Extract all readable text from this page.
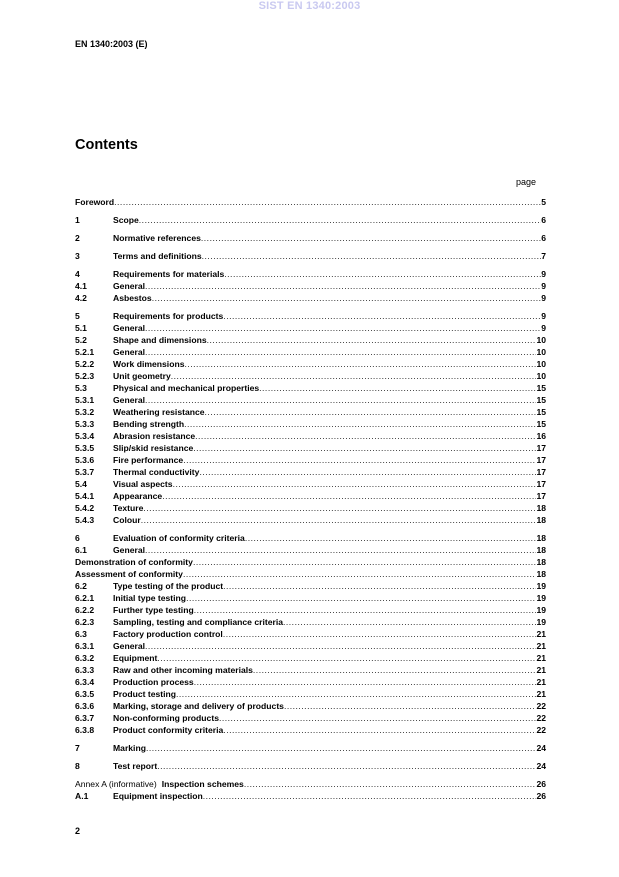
SIST EN 1340:2003
EN 1340:2003 (E)
Contents
page
Foreword .....	5
1	Scope .....	6
2	Normative references .....	6
3	Terms and definitions .....	7
4	Requirements for materials .....	9
4.1	General .....	9
4.2	Asbestos .....	9
5	Requirements for products .....	9
5.1	General .....	9
5.2	Shape and dimensions .....	10
5.2.1	General .....	10
5.2.2	Work dimensions .....	10
5.2.3	Unit geometry .....	10
5.3	Physical and mechanical properties .....	15
5.3.1	General .....	15
5.3.2	Weathering resistance .....	15
5.3.3	Bending strength .....	15
5.3.4	Abrasion resistance .....	16
5.3.5	Slip/skid resistance .....	17
5.3.6	Fire performance .....	17
5.3.7	Thermal conductivity .....	17
5.4	Visual aspects .....	17
5.4.1	Appearance .....	17
5.4.2	Texture .....	18
5.4.3	Colour .....	18
6	Evaluation of conformity criteria .....	18
6.1	General .....	18
Demonstration of conformity .....	18
Assessment of conformity .....	18
6.2	Type testing of the product .....	19
6.2.1	Initial type testing .....	19
6.2.2	Further type testing .....	19
6.2.3	Sampling, testing and compliance criteria .....	19
6.3	Factory production control .....	21
6.3.1	General .....	21
6.3.2	Equipment .....	21
6.3.3	Raw and other incoming materials .....	21
6.3.4	Production process .....	21
6.3.5	Product testing .....	21
6.3.6	Marking, storage and delivery of products .....	22
6.3.7	Non-conforming products .....	22
6.3.8	Product conformity criteria .....	22
7	Marking .....	24
8	Test report .....	24
Annex A (informative) Inspection schemes .....	26
A.1	Equipment inspection .....	26
2
